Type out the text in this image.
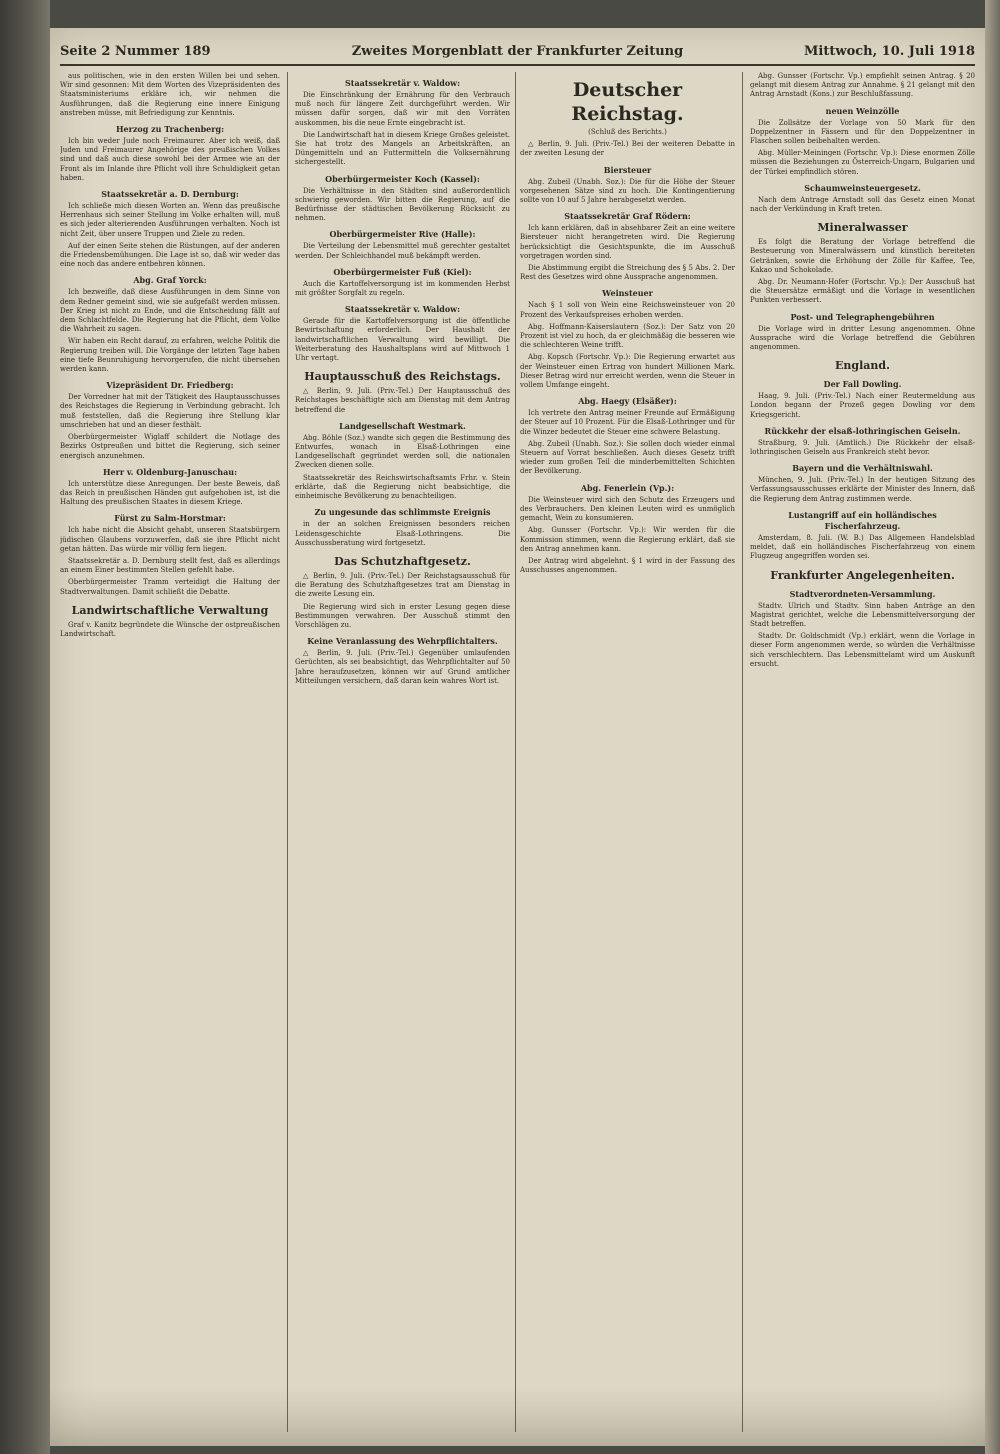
Seite 2 Nummer 189	Zweites Morgenblatt der Frankfurter Zeitung	Mittwoch, 10. Juli 1918
aus politischen, wie in den ersten Willen bei und sehen. Wir sind gesonnen: Mit dem Worten des Vizepräsidenten des Staatsministeriums erkläre ich, wir nehmen die Ausführungen, daß die Regierung eine innere Einigung anstreben müsse, mit Befriedigung zur Kenntnis.
Herzog zu Trachenberg:
Ich bin weder Jude noch Freimaurer. Aber ich weiß, daß Juden und Freimaurer Angehörige des preußischen Volkes sind und daß auch diese sowohl bei der Armee wie an der Front als im Inlande ihre Pflicht voll ihre Schuldigkeit getan haben.
Staatssekretär a. D. Dernburg:
Ich schließe mich diesen Worten an. Wenn das preußische Herrenhaus sich seiner Stellung im Volke erhalten will, muß es sich jeder alterierenden Ausführungen verhalten. Noch ist nicht Zeit, über unsere Truppen und Ziele zu reden.
Auf der einen Seite stehen die Rüstungen, auf der anderen die Friedensbemühungen. Die Lage ist so, daß wir weder das eine noch das andere entbehren können.
Abg. Graf Yorck:
Ich bezweifle, daß diese Ausführungen in dem Sinne von dem Redner gemeint sind, wie sie aufgefaßt werden müssen. Der Krieg ist nicht zu Ende, und die Entscheidung fällt auf dem Schlachtfelde. Die Regierung hat die Pflicht, dem Volke die Wahrheit zu sagen.
Wir haben ein Recht darauf, zu erfahren, welche Politik die Regierung treiben will. Die Vorgänge der letzten Tage haben eine tiefe Beunruhigung hervorgerufen, die nicht übersehen werden kann.
Vizepräsident Dr. Friedberg:
Der Vorredner hat mit der Tätigkeit des Hauptausschusses des Reichstages die Regierung in Verbindung gebracht. Ich muß feststellen, daß die Regierung ihre Stellung klar umschrieben hat und an dieser festhält.
Oberbürgermeister Wiglaff schildert die Notlage des Bezirks Ostpreußen und bittet die Regierung, sich seiner energisch anzunehmen.
Herr v. Oldenburg-Januschau:
Ich unterstütze diese Anregungen. Der beste Beweis, daß das Reich in preußischen Händen gut aufgehoben ist, ist die Haltung des preußischen Staates in diesem Kriege.
Fürst zu Salm-Horstmar:
Ich habe nicht die Absicht gehabt, unseren Staatsbürgern jüdischen Glaubens vorzuwerfen, daß sie ihre Pflicht nicht getan hätten. Das würde mir völlig fern liegen.
Staatssekretär a. D. Dernburg stellt fest, daß es allerdings an einem Einer bestimmten Stellen gefehlt habe.
Oberbürgermeister Tramm verteidigt die Haltung der Stadtverwaltungen. Damit schließt die Debatte.
Landwirtschaftliche Verwaltung
Graf v. Kanitz begründete die Wünsche der ostpreußischen Landwirtschaft.
Staatssekretär v. Waldow:
Die Einschränkung der Ernährung für den Verbrauch muß noch für längere Zeit durchgeführt werden. Wir müssen dafür sorgen, daß wir mit den Vorräten auskommen, bis die neue Ernte eingebracht ist.
Die Landwirtschaft hat in diesem Kriege Großes geleistet. Sie hat trotz des Mangels an Arbeitskräften, an Düngemitteln und an Futtermitteln die Volksernährung sichergestellt.
Oberbürgermeister Koch (Kassel):
Die Verhältnisse in den Städten sind außerordentlich schwierig geworden. Wir bitten die Regierung, auf die Bedürfnisse der städtischen Bevölkerung Rücksicht zu nehmen.
Oberbürgermeister Rive (Halle):
Die Verteilung der Lebensmittel muß gerechter gestaltet werden. Der Schleichhandel muß bekämpft werden.
Oberbürgermeister Fuß (Kiel):
Auch die Kartoffelversorgung ist im kommenden Herbst mit größter Sorgfalt zu regeln.
Staatssekretär v. Waldow:
Gerade für die Kartoffelversorgung ist die öffentliche Bewirtschaftung erforderlich. Der Haushalt der landwirtschaftlichen Verwaltung wird bewilligt. Die Weiterberatung des Haushaltsplans wird auf Mittwoch 1 Uhr vertagt.
Hauptausschuß des Reichstags.
△ Berlin, 9. Juli. (Priv.-Tel.) Der Hauptausschuß des Reichstages beschäftigte sich am Dienstag mit dem Antrag betreffend die
Landgesellschaft Westmark.
Abg. Böhle (Soz.) wandte sich gegen die Bestimmung des Entwurfes, wonach in Elsaß-Lothringen eine Landgesellschaft gegründet werden soll, die nationalen Zwecken dienen solle.
Staatssekretär des Reichswirtschaftsamts Frhr. v. Stein erklärte, daß die Regierung nicht beabsichtige, die einheimische Bevölkerung zu benachteiligen.
Zu ungesunde das schlimmste Ereignis
in der an solchen Ereignissen besonders reichen Leidensgeschichte Elsaß-Lothringens. Die Ausschussberatung wird fortgesetzt.
Das Schutzhaftgesetz.
△ Berlin, 9. Juli. (Priv.-Tel.) Der Reichstagsausschuß für die Beratung des Schutzhaftgesetzes trat am Dienstag in die zweite Lesung ein.
Die Regierung wird sich in erster Lesung gegen diese Bestimmungen verwahren. Der Ausschuß stimmt den Vorschlägen zu.
Keine Veranlassung des Wehrpflichtalters.
△ Berlin, 9. Juli. (Priv.-Tel.) Gegenüber umlaufenden Gerüchten, als sei beabsichtigt, das Wehrpflichtalter auf 50 Jahre heraufzusetzen, können wir auf Grund amtlicher Mitteilungen versichern, daß daran kein wahres Wort ist.
Deutscher Reichstag.
(Schluß des Berichts.)
△ Berlin, 9. Juli. (Priv.-Tel.) Bei der weiteren Debatte in der zweiten Lesung der
Biersteuer
Abg. Zubeil (Unabh. Soz.): Die für die Höhe der Steuer vorgesehenen Sätze sind zu hoch. Die Kontingentierung sollte von 10 auf 5 Jahre herabgesetzt werden.
Staatssekretär Graf Rödern:
Ich kann erklären, daß in absehbarer Zeit an eine weitere Biersteuer nicht herangetreten wird. Die Regierung berücksichtigt die Gesichtspunkte, die im Ausschuß vorgetragen worden sind.
Die Abstimmung ergibt die Streichung des § 5 Abs. 2. Der Rest des Gesetzes wird ohne Aussprache angenommen.
Weinsteuer
Nach § 1 soll von Wein eine Reichsweinsteuer von 20 Prozent des Verkaufspreises erhoben werden.
Abg. Hoffmann-Kaiserslautern (Soz.): Der Satz von 20 Prozent ist viel zu hoch, da er gleichmäßig die besseren wie die schlechteren Weine trifft.
Abg. Kopsch (Fortschr. Vp.): Die Regierung erwartet aus der Weinsteuer einen Ertrag von hundert Millionen Mark. Dieser Betrag wird nur erreicht werden, wenn die Steuer in vollem Umfange eingeht.
Abg. Haegy (Elsäßer):
Ich vertrete den Antrag meiner Freunde auf Ermäßigung der Steuer auf 10 Prozent. Für die Elsaß-Lothringer und für die Winzer bedeutet die Steuer eine schwere Belastung.
Abg. Zubeil (Unabh. Soz.): Sie sollen doch wieder einmal Steuern auf Vorrat beschließen. Auch dieses Gesetz trifft wieder zum großen Teil die minderbemittelten Schichten der Bevölkerung.
Abg. Fenerlein (Vp.):
Die Weinsteuer wird sich den Schutz des Erzeugers und des Verbrauchers. Den kleinen Leuten wird es unmöglich gemacht, Wein zu konsumieren.
Abg. Gunsser (Fortschr. Vp.): Wir werden für die Kommission stimmen, wenn die Regierung erklärt, daß sie den Antrag annehmen kann.
Der Antrag wird abgelehnt. § 1 wird in der Fassung des Ausschusses angenommen.
Abg. Gunsser (Fortschr. Vp.) empfiehlt seinen Antrag. § 20 gelangt mit diesem Antrag zur Annahme. § 21 gelangt mit den Antrag Arnstadt (Kons.) zur Beschlußfassung.
neuen Weinzölle
Die Zollsätze der Vorlage von 50 Mark für den Doppelzentner in Fässern und für den Doppelzentner in Flaschen sollen beibehalten werden.
Abg. Müller-Meiningen (Fortschr. Vp.): Diese enormen Zölle müssen die Beziehungen zu Österreich-Ungarn, Bulgarien und der Türkei empfindlich stören.
Schaumweinsteuergesetz.
Nach dem Antrage Arnstadt soll das Gesetz einen Monat nach der Verkündung in Kraft treten.
Mineralwasser
Es folgt die Beratung der Vorlage betreffend die Besteuerung von Mineralwässern und künstlich bereiteten Getränken, sowie die Erhöhung der Zölle für Kaffee, Tee, Kakao und Schokolade.
Abg. Dr. Neumann-Hofer (Fortschr. Vp.): Der Ausschuß hat die Steuersätze ermäßigt und die Vorlage in wesentlichen Punkten verbessert.
Post- und Telegraphengebühren
Die Vorlage wird in dritter Lesung angenommen. Ohne Aussprache wird die Vorlage betreffend die Gebühren angenommen.
England.
Der Fall Dowling.
Haag, 9. Juli. (Priv.-Tel.) Nach einer Reutermeldung aus London begann der Prozeß gegen Dowling vor dem Kriegsgericht.
Rückkehr der elsaß-lothringischen Geiseln.
Straßburg, 9. Juli. (Amtlich.) Die Rückkehr der elsaß-lothringischen Geiseln aus Frankreich steht bevor.
Bayern und die Verhältniswahl.
München, 9. Juli. (Priv.-Tel.) In der heutigen Sitzung des Verfassungsausschusses erklärte der Minister des Innern, daß die Regierung dem Antrag zustimmen werde.
Lustangriff auf ein holländisches Fischerfahrzeug.
Amsterdam, 8. Juli. (W. B.) Das Allgemeen Handelsblad meldet, daß ein holländisches Fischerfahrzeug von einem Flugzeug angegriffen worden sei.
Frankfurter Angelegenheiten.
Stadtverordneten-Versammlung.
Stadtv. Ulrich und Stadtv. Sinn haben Anträge an den Magistrat gerichtet, welche die Lebensmittelversorgung der Stadt betreffen.
Stadtv. Dr. Goldschmidt (Vp.) erklärt, wenn die Vorlage in dieser Form angenommen werde, so würden die Verhältnisse sich verschlechtern. Das Lebensmittelamt wird um Auskunft ersucht.
